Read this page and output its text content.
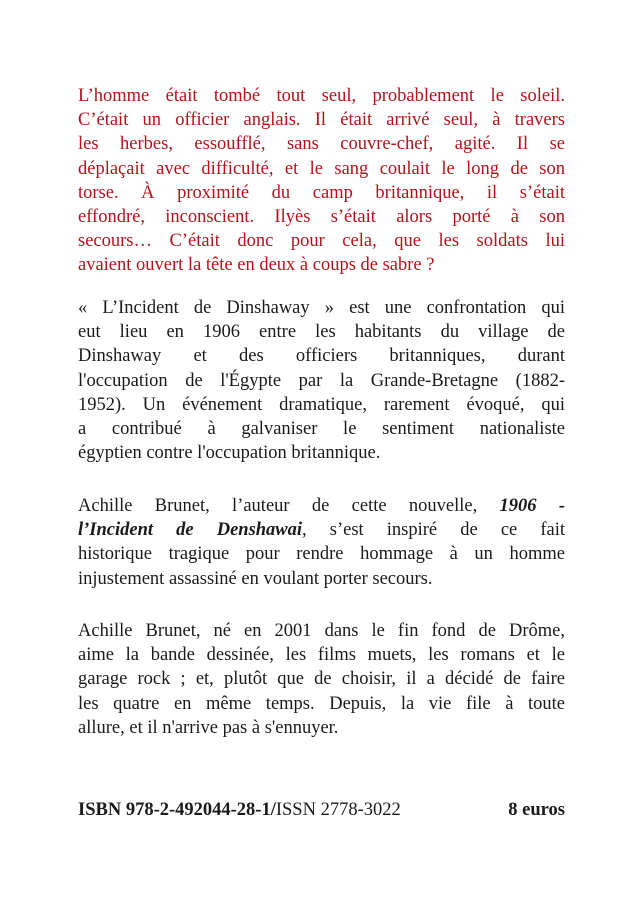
L’homme était tombé tout seul, probablement le soleil.
C’était un officier anglais. Il était arrivé seul, à travers
les herbes, essoufflé, sans couvre-chef, agité. Il se
déplaçait avec difficulté, et le sang coulait le long de son
torse. À proximité du camp britannique, il s’était
effondré, inconscient. Ilyès s’était alors porté à son
secours… C’était donc pour cela, que les soldats lui
avaient ouvert la tête en deux à coups de sabre ?
« L’Incident de Dinshaway » est une confrontation qui
eut lieu en 1906 entre les habitants du village de
Dinshaway et des officiers britanniques, durant
l'occupation de l'Égypte par la Grande-Bretagne (1882-
1952). Un événement dramatique, rarement évoqué, qui
a contribué à galvaniser le sentiment nationaliste
égyptien contre l'occupation britannique.
Achille Brunet, l’auteur de cette nouvelle, 1906 -
l’Incident de Denshawai, s’est inspiré de ce fait
historique tragique pour rendre hommage à un homme
injustement assassiné en voulant porter secours.
Achille Brunet, né en 2001 dans le fin fond de Drôme,
aime la bande dessinée, les films muets, les romans et le
garage rock ; et, plutôt que de choisir, il a décidé de faire
les quatre en même temps. Depuis, la vie file à toute
allure, et il n'arrive pas à s'ennuyer.
ISBN 978-2-492044-28-1/ISSN 2778-3022	8 euros
